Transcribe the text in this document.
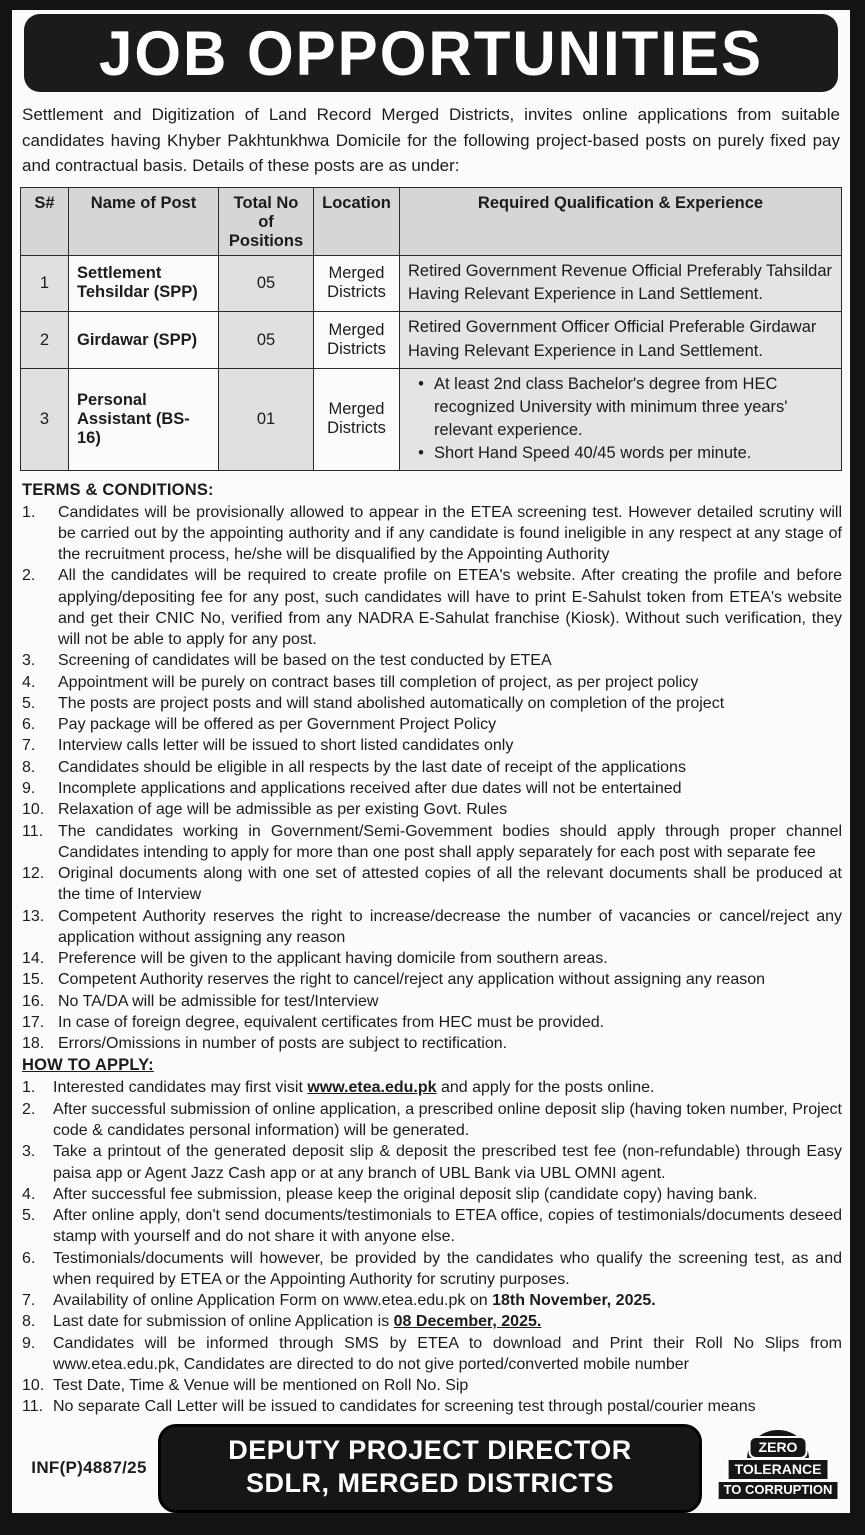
JOB OPPORTUNITIES

Settlement and Digitization of Land Record Merged Districts, invites online applications from suitable candidates having Khyber Pakhtunkhwa Domicile for the following project-based posts on purely fixed pay and contractual basis. Details of these posts are as under:

S#	Name of Post	Total No of Positions	Location	Required Qualification & Experience
1	Settlement Tehsildar (SPP)	05	Merged Districts	Retired Government Revenue Official Preferably Tahsildar Having Relevant Experience in Land Settlement.
2	Girdawar (SPP)	05	Merged Districts	Retired Government Officer Official Preferable Girdawar Having Relevant Experience in Land Settlement.
3	Personal Assistant (BS-16)	01	Merged Districts	• At least 2nd class Bachelor's degree from HEC recognized University with minimum three years' relevant experience.
• Short Hand Speed 40/45 words per minute.
TERMS & CONDITIONS:
1.	Candidates will be provisionally allowed to appear in the ETEA screening test. However detailed scrutiny will be carried out by the appointing authority and if any candidate is found ineligible in any respect at any stage of the recruitment process, he/she will be disqualified by the Appointing Authority
2.	All the candidates will be required to create profile on ETEA's website. After creating the profile and before applying/depositing fee for any post, such candidates will have to print E-Sahulst token from ETEA's website and get their CNIC No, verified from any NADRA E-Sahulat franchise (Kiosk). Without such verification, they will not be able to apply for any post.
3.	Screening of candidates will be based on the test conducted by ETEA
4.	Appointment will be purely on contract bases till completion of project, as per project policy
5.	The posts are project posts and will stand abolished automatically on completion of the project
6.	Pay package will be offered as per Government Project Policy
7.	Interview calls letter will be issued to short listed candidates only
8.	Candidates should be eligible in all respects by the last date of receipt of the applications
9.	Incomplete applications and applications received after due dates will not be entertained
10. Relaxation of age will be admissible as per existing Govt. Rules
11. The candidates working in Government/Semi-Govemment bodies should apply through proper channel Candidates intending to apply for more than one post shall apply separately for each post with separate fee
12. Original documents along with one set of attested copies of all the relevant documents shall be produced at the time of Interview
13. Competent Authority reserves the right to increase/decrease the number of vacancies or cancel/reject any application without assigning any reason
14. Preference will be given to the applicant having domicile from southern areas.
15. Competent Authority reserves the right to cancel/reject any application without assigning any reason
16. No TA/DA will be admissible for test/Interview
17. In case of foreign degree, equivalent certificates from HEC must be provided.
18. Errors/Omissions in number of posts are subject to rectification.
HOW TO APPLY:
1.	Interested candidates may first visit www.etea.edu.pk and apply for the posts online.
2.	After successful submission of online application, a prescribed online deposit slip (having token number, Project code & candidates personal information) will be generated.
3.	Take a printout of the generated deposit slip & deposit the prescribed test fee (non-refundable) through Easy paisa app or Agent Jazz Cash app or at any branch of UBL Bank via UBL OMNI agent.
4.	After successful fee submission, please keep the original deposit slip (candidate copy) having bank.
5.	After online apply, don't send documents/testimonials to ETEA office, copies of testimonials/documents deseed stamp with yourself and do not share it with anyone else.
6.	Testimonials/documents will however, be provided by the candidates who qualify the screening test, as and when required by ETEA or the Appointing Authority for scrutiny purposes.
7.	Availability of online Application Form on www.etea.edu.pk on 18th November, 2025.
8.	Last date for submission of online Application is 08 December, 2025.
9.	Candidates will be informed through SMS by ETEA to download and Print their Roll No Slips from www.etea.edu.pk, Candidates are directed to do not give ported/converted mobile number
10. Test Date, Time & Venue will be mentioned on Roll No. Sip
11. No separate Call Letter will be issued to candidates for screening test through postal/courier means
INF(P)4887/25
DEPUTY PROJECT DIRECTOR
SDLR, MERGED DISTRICTS
ZERO
TOLERANCE
TO CORRUPTION
